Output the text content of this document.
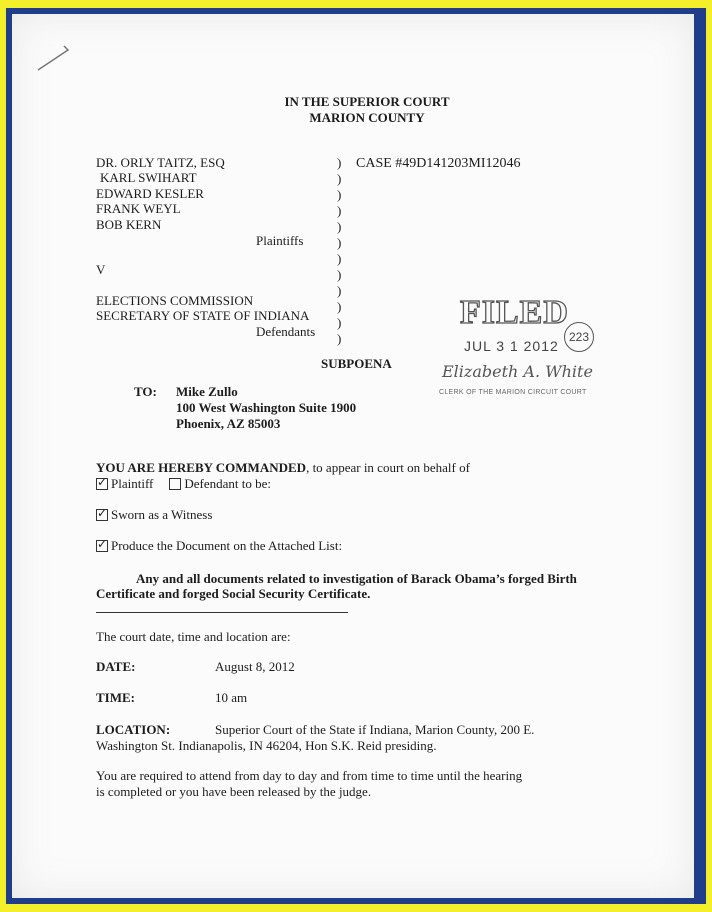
IN THE SUPERIOR COURT
MARION COUNTY
DR. ORLY TAITZ, ESQ
KARL SWIHART
EDWARD KESLER
FRANK WEYL
BOB KERN
Plaintiffs
V
ELECTIONS COMMISSION
SECRETARY OF STATE OF INDIANA
Defendants
)
)
)
)
)
)
)
)
)
)
)
)
CASE #49D141203MI12046
FILED
223
JUL 3 1 2012
Elizabeth A. White
CLERK OF THE MARION CIRCUIT COURT
SUBPOENA
TO: Mike Zullo
100 West Washington Suite 1900
Phoenix, AZ 85003
YOU ARE HEREBY COMMANDED, to appear in court on behalf of
✓
Plaintiff Defendant to be:
✓
Sworn as a Witness
✓
Produce the Document on the Attached List:
Any and all documents related to investigation of Barack Obama’s forged Birth
Certificate and forged Social Security Certificate.
The court date, time and location are:
DATE:	August 8, 2012
TIME:	10 am
LOCATION:	Superior Court of the State if Indiana, Marion County, 200 E.
Washington St. Indianapolis, IN 46204, Hon S.K. Reid presiding.
You are required to attend from day to day and from time to time until the hearing
is completed or you have been released by the judge.
